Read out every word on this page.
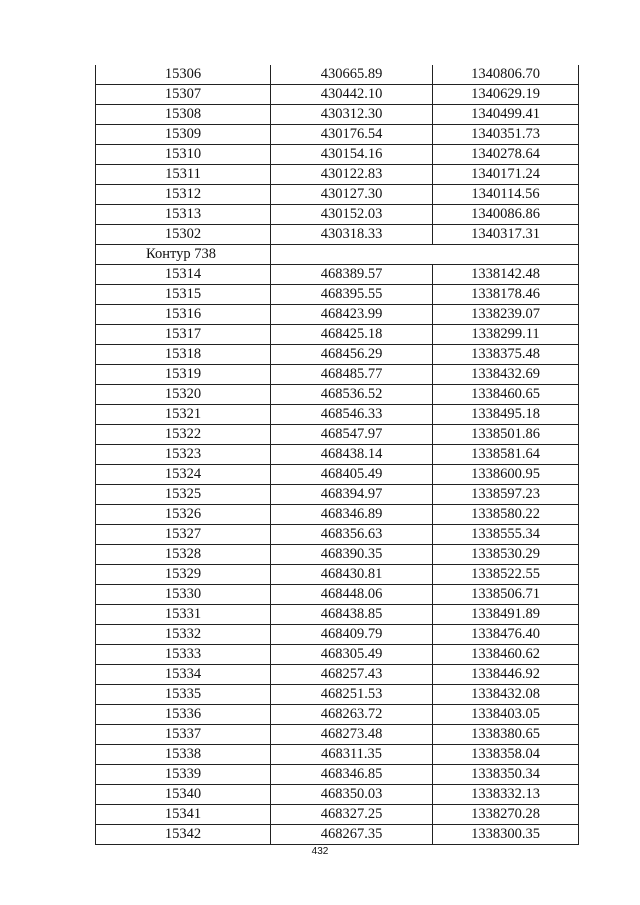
15306	430665.89	1340806.70
15307	430442.10	1340629.19
15308	430312.30	1340499.41
15309	430176.54	1340351.73
15310	430154.16	1340278.64
15311	430122.83	1340171.24
15312	430127.30	1340114.56
15313	430152.03	1340086.86
15302	430318.33	1340317.31
Контур 738		
15314	468389.57	1338142.48
15315	468395.55	1338178.46
15316	468423.99	1338239.07
15317	468425.18	1338299.11
15318	468456.29	1338375.48
15319	468485.77	1338432.69
15320	468536.52	1338460.65
15321	468546.33	1338495.18
15322	468547.97	1338501.86
15323	468438.14	1338581.64
15324	468405.49	1338600.95
15325	468394.97	1338597.23
15326	468346.89	1338580.22
15327	468356.63	1338555.34
15328	468390.35	1338530.29
15329	468430.81	1338522.55
15330	468448.06	1338506.71
15331	468438.85	1338491.89
15332	468409.79	1338476.40
15333	468305.49	1338460.62
15334	468257.43	1338446.92
15335	468251.53	1338432.08
15336	468263.72	1338403.05
15337	468273.48	1338380.65
15338	468311.35	1338358.04
15339	468346.85	1338350.34
15340	468350.03	1338332.13
15341	468327.25	1338270.28
15342	468267.35	1338300.35
432
